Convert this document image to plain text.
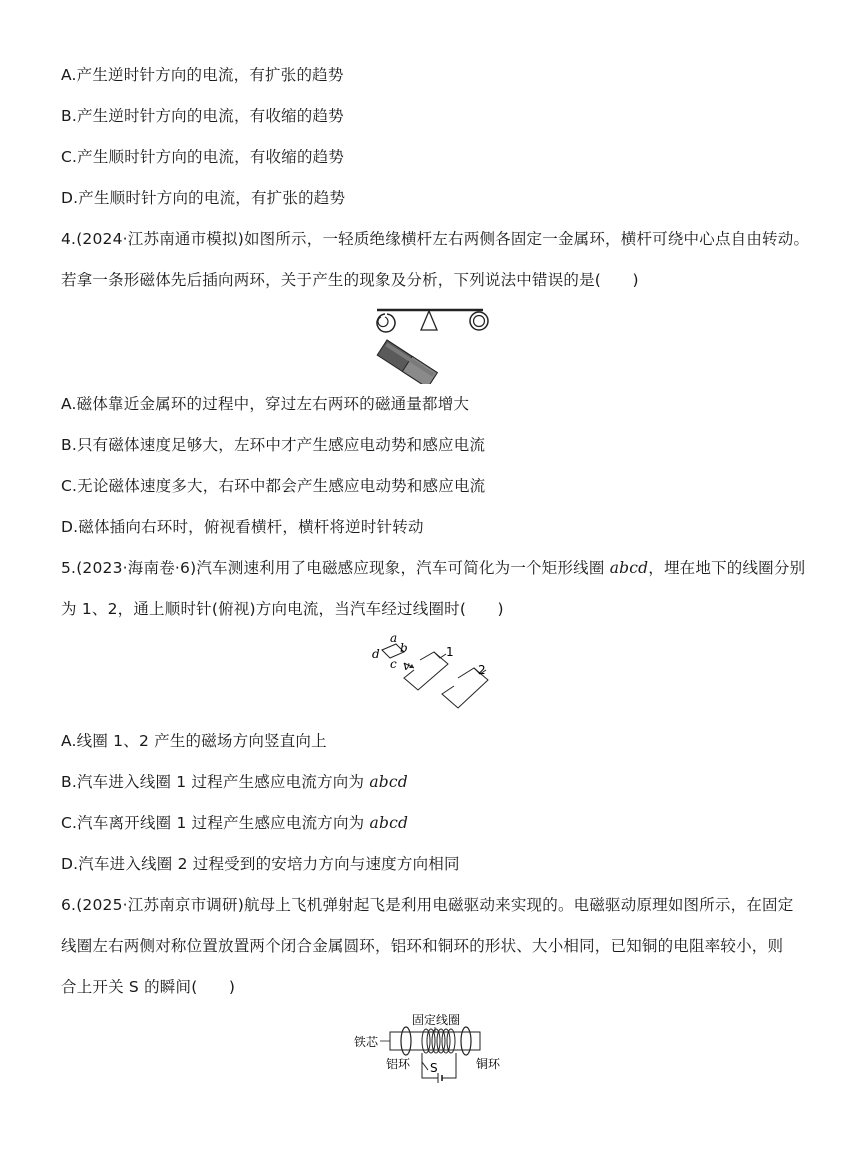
A.产生逆时针方向的电流，有扩张的趋势
B.产生逆时针方向的电流，有收缩的趋势
C.产生顺时针方向的电流，有收缩的趋势
D.产生顺时针方向的电流，有扩张的趋势
4.(2024·江苏南通市模拟)如图所示，一轻质绝缘横杆左右两侧各固定一金属环，横杆可绕中心点自由转动。
若拿一条形磁体先后插向两环，关于产生的现象及分析，下列说法中错误的是(　　)
A.磁体靠近金属环的过程中，穿过左右两环的磁通量都增大
B.只有磁体速度足够大，左环中才产生感应电动势和感应电流
C.无论磁体速度多大，右环中都会产生感应电动势和感应电流
D.磁体插向右环时，俯视看横杆，横杆将逆时针转动
5.(2023·海南卷·6)汽车测速利用了电磁感应现象，汽车可简化为一个矩形线圈 abcd，埋在地下的线圈分别
为 1、2，通上顺时针(俯视)方向电流，当汽车经过线圈时(　　)
a
b
c
d
v
1
2
A.线圈 1、2 产生的磁场方向竖直向上
B.汽车进入线圈 1 过程产生感应电流方向为 abcd
C.汽车离开线圈 1 过程产生感应电流方向为 abcd
D.汽车进入线圈 2 过程受到的安培力方向与速度方向相同
6.(2025·江苏南京市调研)航母上飞机弹射起飞是利用电磁驱动来实现的。电磁驱动原理如图所示，在固定
线圈左右两侧对称位置放置两个闭合金属圆环，铝环和铜环的形状、大小相同，已知铜的电阻率较小，则
合上开关 S 的瞬间(　　)
固定线圈
铁芯
S
铝环	铜环
